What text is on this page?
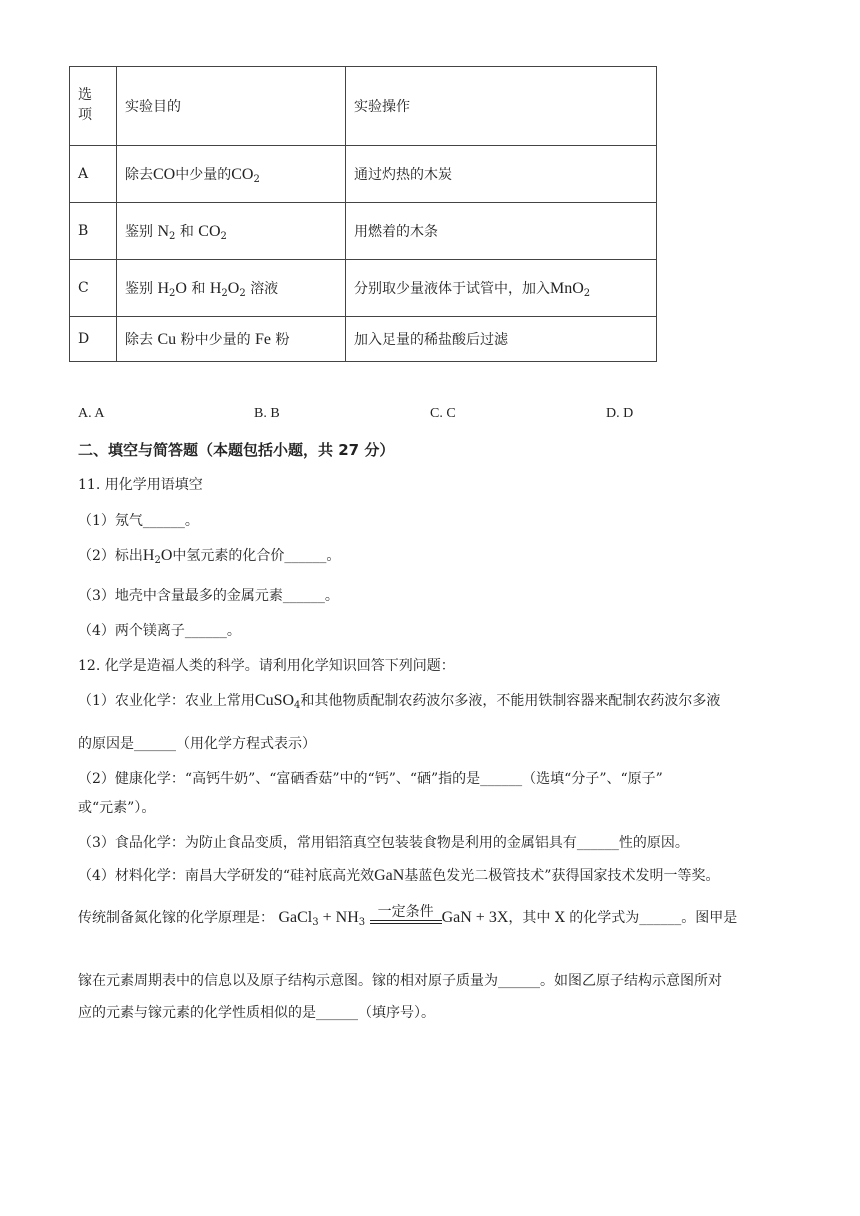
选项	实验目的	实验操作
A	除去CO中少量的$CO_2$	通过灼热的木炭
B	鉴别 $N_2$ 和 $CO_2$	用燃着的木条
C	鉴别 $H_2O$ 和 $H_2O_2$ 溶液	分别取少量液体于试管中，加入MnO$_2$
D	除去 Cu 粉中少量的 Fe 粉	加入足量的稀盐酸后过滤
A. A	B. B	C. C	D. D
二、填空与简答题（本题包括小题，共 27 分）
11. 用化学用语填空
（1）氖气______。
（2）标出$H_2O$中氢元素的化合价______。
（3）地壳中含量最多的金属元素______。
（4）两个镁离子______。
12. 化学是造福人类的科学。请利用化学知识回答下列问题：
（1）农业化学：农业上常用CuSO$_4$和其他物质配制农药波尔多液，不能用铁制容器来配制农药波尔多液
的原因是______（用化学方程式表示）
（2）健康化学：“高钙牛奶”、“富硒香菇”中的“钙”、“硒”指的是______（选填“分子”、“原子”
或“元素”）。
（3）食品化学：为防止食品变质，常用铝箔真空包装装食物是利用的金属铝具有______性的原因。
（4）材料化学：南昌大学研发的“硅衬底高光效GaN基蓝色发光二极管技术”获得国家技术发明一等奖。
传统制备氮化镓的化学原理是： GaCl$_3$ + $NH_3$
一定条件 GaN + 3X，其中 X 的化学式为______。图甲是
镓在元素周期表中的信息以及原子结构示意图。镓的相对原子质量为______。如图乙原子结构示意图所对
应的元素与镓元素的化学性质相似的是______（填序号）。
